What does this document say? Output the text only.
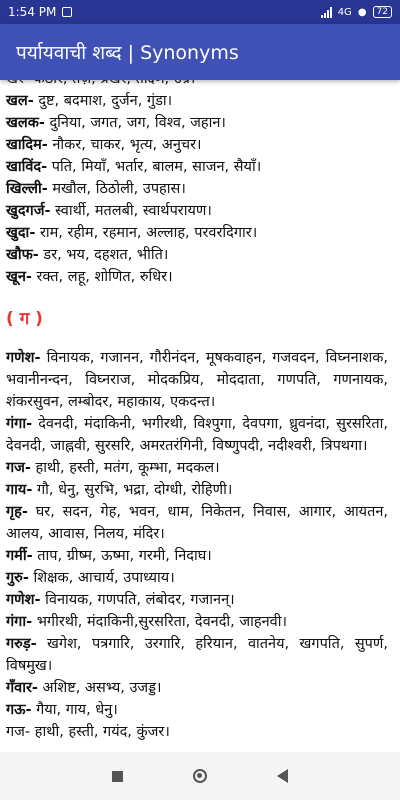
1:54 PM	4G ●	72
पर्यायवाची शब्द | Synonyms
खल- दुष्ट, बदमाश, दुर्जन, गुंडा।
खलक- दुनिया, जगत, जग, विश्व, जहान।
खादिम- नौकर, चाकर, भृत्य, अनुचर।
खाविंद- पति, मियाँ, भर्तार, बालम, साजन, सैयाँ।
खिल्ली- मखौल, ठिठोली, उपहास।
खुदगर्ज- स्वार्थी, मतलबी, स्वार्थपरायण।
खुदा- राम, रहीम, रहमान, अल्लाह, परवरदिगार।
खौफ- डर, भय, दहशत, भीति।
खून- रक्त, लहू, शोणित, रुधिर।
( ग )
गणेश- विनायक, गजानन, गौरीनंदन, मूषकवाहन, गजवदन, विघ्ननाशक, भवानीनन्दन, विघ्नराज, मोदकप्रिय, मोददाता, गणपति, गणनायक, शंकरसुवन, लम्बोदर, महाकाय, एकदन्त।
गंगा- देवनदी, मंदाकिनी, भगीरथी, विश्पुगा, देवपगा, ध्रुवनंदा, सुरसरिता, देवनदी, जाह्नवी, सुरसरि, अमरतरंगिनी, विष्णुपदी, नदीश्वरी, त्रिपथगा।
गज- हाथी, हस्ती, मतंग, कूम्भा, मदकल।
गाय- गौ, धेनु, सुरभि, भद्रा, दोग्धी, रोहिणी।
गृह- घर, सदन, गेह, भवन, धाम, निकेतन, निवास, आगार, आयतन, आलय, आवास, निलय, मंदिर।
गर्मी- ताप, ग्रीष्म, ऊष्मा, गरमी, निदाघ।
गुरु- शिक्षक, आचार्य, उपाध्याय।
गणेश- विनायक, गणपति, लंबोदर, गजानन्।
गंगा- भगीरथी, मंदाकिनी,सुरसरिता, देवनदी, जाहनवी।
गरुड़- खगेश, पत्रगारि, उरगारि, हरियान, वातनेय, खगपति, सुपर्ण, विषमुख।
गँवार- अशिष्ट, असभ्य, उजड्ड।
गऊ- गैया, गाय, धेनु।
गज- हाथी, हस्ती, गयंद, कुंजर।
